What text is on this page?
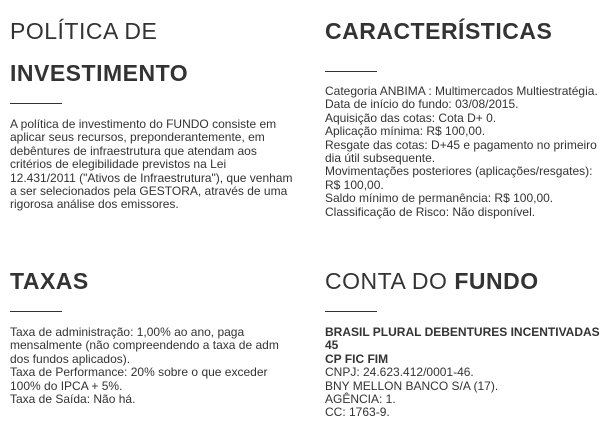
POLÍTICA DE
INVESTIMENTO

A política de investimento do FUNDO consiste em

aplicar seus recursos, preponderantemente, em

debêntures de infraestrutura que atendam aos

critérios de elegibilidade previstos na Lei

12.431/2011 ("Ativos de Infraestrutura"), que venham

a ser selecionados pela GESTORA, através de uma

rigorosa análise dos emissores.

CARACTERÍSTICAS

Categoria ANBIMA : Multimercados Multiestratégia.

Data de início do fundo: 03/08/2015.

Aquisição das cotas: Cota D+ 0.

Aplicação mínima: R$ 100,00.

Resgate das cotas: D+45 e pagamento no primeiro

dia útil subsequente.

Movimentações posteriores (aplicações/resgates):

R$ 100,00.

Saldo mínimo de permanência: R$ 100,00.

Classificação de Risco: Não disponível.

TAXAS

Taxa de administração: 1,00% ao ano, paga

mensalmente (não compreendendo a taxa de adm

dos fundos aplicados).

Taxa de Performance: 20% sobre o que exceder

100% do IPCA + 5%.

Taxa de Saída: Não há.

CONTA DO FUNDO

BRASIL PLURAL DEBENTURES INCENTIVADAS 45

CP FIC FIM

CNPJ: 24.623.412/0001-46.

BNY MELLON BANCO S/A (17).

AGÊNCIA: 1.

CC: 1763-9.
